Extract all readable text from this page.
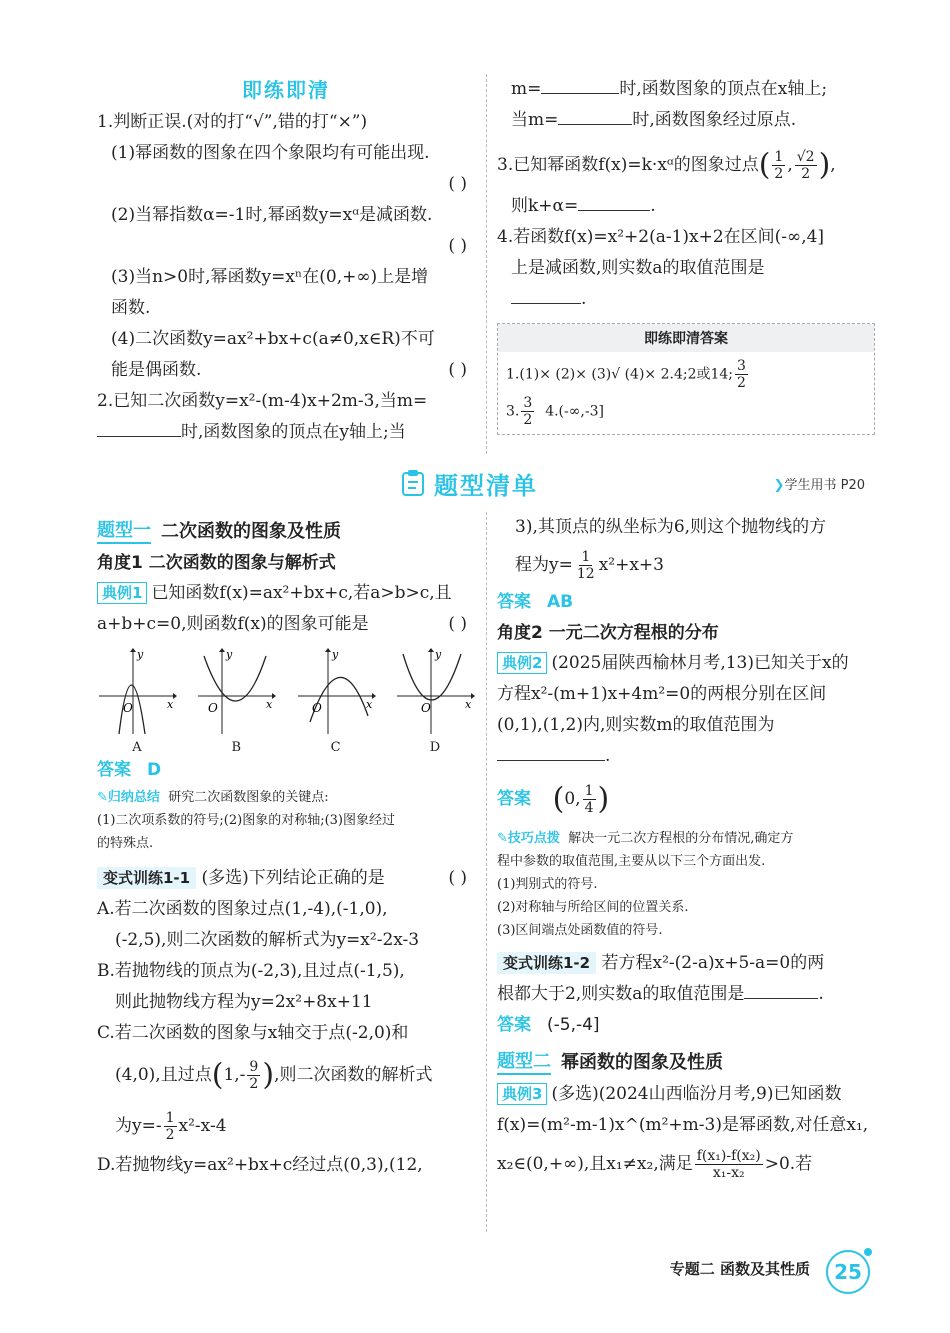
即练即清

1.判断正误.(对的打“√”,错的打“×”)

(1)幂函数的图象在四个象限均有可能出现.

( )

(2)当幂指数α=-1时,幂函数y=xᵅ是减函数.

( )

(3)当n>0时,幂函数y=xⁿ在(0,+∞)上是增

函数.

(4)二次函数y=ax²+bx+c(a≠0,x∈R)不可

能是偶函数.	( )

2.已知二次函数y=x²-(m-4)x+2m-3,当m=

时,函数图象的顶点在y轴上;当

m=	时,函数图象的顶点在x轴上;

当m=	时,函数图象经过原点.

3.已知幂函数f(x)=k·xᵅ的图象过点( $\frac{1}{2}$ , $\frac{√2}{2}$ ),

则k+α=	.

4.若函数f(x)=x²+2(a-1)x+2在区间(-∞,4]

上是减函数,则实数a的取值范围是

.

即练即清答案
1.(1)× (2)× (3)√ (4)× 2.4;2或14; $\frac{3}{2}$
3. $\frac{3}{2} 4.(-\infty,-3]$
题型清单	❯学生用书 P20
题型一 二次函数的图象及性质
角度1 二次函数的图象与解析式

典例1 已知函数f(x)=ax²+bx+c,若a>b>c,且

a+b+c=0,则函数f(x)的图象可能是	( )

y
x
O
A
y
x
O
B
y
x
O
C
y
x
O
D

答案 D

✎归纳总结 研究二次函数图象的关键点:
(1)二次项系数的符号;(2)图象的对称轴;(3)图象经过
的特殊点.

变式训练1-1 (多选)下列结论正确的是	( )

A.若二次函数的图象过点(1,-4),(-1,0),

(-2,5),则二次函数的解析式为y=x²-2x-3

B.若抛物线的顶点为(-2,3),且过点(-1,5),

则此抛物线方程为y=2x²+8x+11

C.若二次函数的图象与x轴交于点(-2,0)和

(4,0),且过点($1,- \frac{9}{2}$ ),则二次函数的解析式

为$y=- \frac{1}{2} x^2-x-4$

D.若抛物线y=ax²+bx+c经过点(0,3),(12,

3),其顶点的纵坐标为6,则这个抛物线的方

程为$y= \frac{1}{12} x^2+x+3$

答案 AB

角度2 一元二次方程根的分布

典例2 (2025届陕西榆林月考,13)已知关于x的

方程x²-(m+1)x+4m²=0的两根分别在区间

(0,1),(1,2)内,则实数m的取值范围为

.

答案 (0, $\frac{1}{4}$ )

✎技巧点拨 解决一元二次方程根的分布情况,确定方
程中参数的取值范围,主要从以下三个方面出发.
(1)判别式的符号.
(2)对称轴与所给区间的位置关系.
(3)区间端点处函数值的符号.

变式训练1-2 若方程x²-(2-a)x+5-a=0的两

根都大于2,则实数a的取值范围是	.

答案 (-5,-4]

题型二 幂函数的图象及性质

典例3 (多选)(2024山西临汾月考,9)已知函数

f(x)=(m²-m-1)x^(m²+m-3)是幂函数,对任意x₁,

x₂∈(0,+∞),且x₁≠x₂,满足 $\frac{\text{f(x₁)-f(x₂)}}{\text{x₁-x₂}} >0$.若

专题二 函数及其性质	25
